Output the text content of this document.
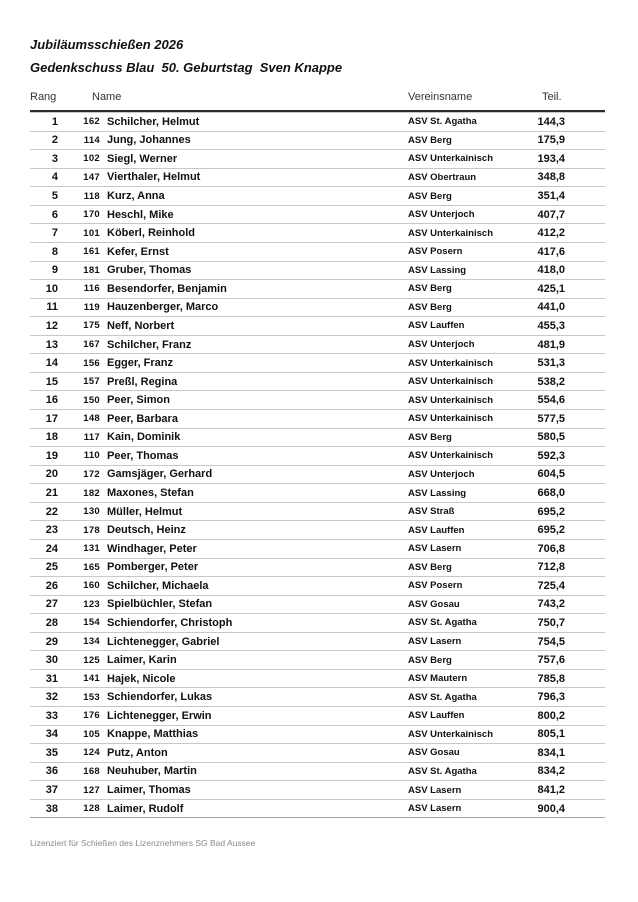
Jubiläumsschießen 2026
Gedenkschuss Blau  50. Geburtstag  Sven Knappe
Rang	Name	Vereinsname	Teil.
1	162 Schilcher, Helmut	ASV St. Agatha	144,3
2	114 Jung, Johannes	ASV Berg	175,9
3	102 Siegl, Werner	ASV Unterkainisch	193,4
4	147 Vierthaler, Helmut	ASV Obertraun	348,8
5	118 Kurz, Anna	ASV Berg	351,4
6	170 Heschl, Mike	ASV Unterjoch	407,7
7	101 Köberl, Reinhold	ASV Unterkainisch	412,2
8	161 Kefer, Ernst	ASV Posern	417,6
9	181 Gruber, Thomas	ASV Lassing	418,0
10	116 Besendorfer, Benjamin	ASV Berg	425,1
11	119 Hauzenberger, Marco	ASV Berg	441,0
12	175 Neff, Norbert	ASV Lauffen	455,3
13	167 Schilcher, Franz	ASV Unterjoch	481,9
14	156 Egger, Franz	ASV Unterkainisch	531,3
15	157 Preßl, Regina	ASV Unterkainisch	538,2
16	150 Peer, Simon	ASV Unterkainisch	554,6
17	148 Peer, Barbara	ASV Unterkainisch	577,5
18	117 Kain, Dominik	ASV Berg	580,5
19	110 Peer, Thomas	ASV Unterkainisch	592,3
20	172 Gamsjäger, Gerhard	ASV Unterjoch	604,5
21	182 Maxones, Stefan	ASV Lassing	668,0
22	130 Müller, Helmut	ASV Straß	695,2
23	178 Deutsch, Heinz	ASV Lauffen	695,2
24	131 Windhager, Peter	ASV Lasern	706,8
25	165 Pomberger, Peter	ASV Berg	712,8
26	160 Schilcher, Michaela	ASV Posern	725,4
27	123 Spielbüchler, Stefan	ASV Gosau	743,2
28	154 Schiendorfer, Christoph	ASV St. Agatha	750,7
29	134 Lichtenegger, Gabriel	ASV Lasern	754,5
30	125 Laimer, Karin	ASV Berg	757,6
31	141 Hajek, Nicole	ASV Mautern	785,8
32	153 Schiendorfer, Lukas	ASV St. Agatha	796,3
33	176 Lichtenegger, Erwin	ASV Lauffen	800,2
34	105 Knappe, Matthias	ASV Unterkainisch	805,1
35	124 Putz, Anton	ASV Gosau	834,1
36	168 Neuhuber, Martin	ASV St. Agatha	834,2
37	127 Laimer, Thomas	ASV Lasern	841,2
38	128 Laimer, Rudolf	ASV Lasern	900,4
Lizenziert für Schießen des Lizenznehmers SG Bad Aussee
